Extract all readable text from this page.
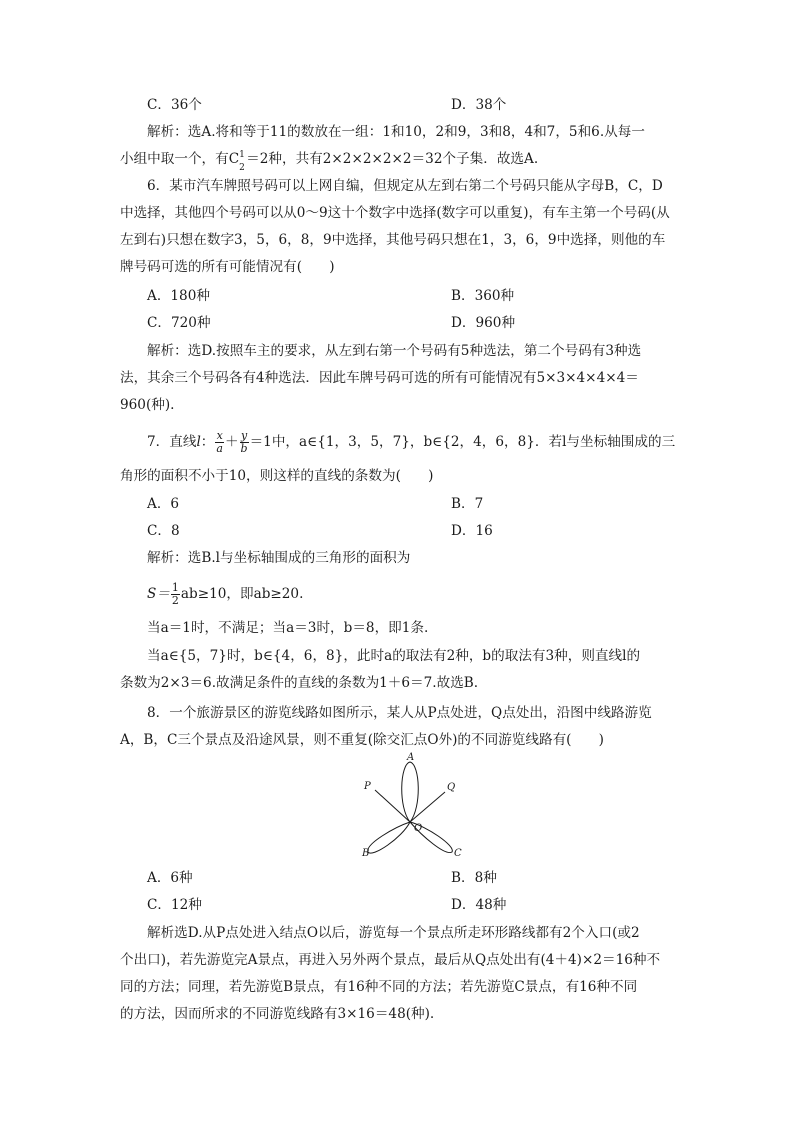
C．36个	D．38个
解析：选A.将和等于11的数放在一组：1和10，2和9，3和8，4和7，5和6.从每一
小组中取一个，有C 1
2
＝2种，共有2×2×2×2×2＝32个子集．故选A.
6．某市汽车牌照号码可以上网自编，但规定从左到右第二个号码只能从字母B，C，D
中选择，其他四个号码可以从0～9这十个数字中选择(数字可以重复)，有车主第一个号码(从
左到右)只想在数字3，5，6，8，9中选择，其他号码只想在1，3，6，9中选择，则他的车
牌号码可选的所有可能情况有(　　)
A．180种	B．360种
C．720种	D．960种
解析：选D.按照车主的要求，从左到右第一个号码有5种选法，第二个号码有3种选
法，其余三个号码各有4种选法．因此车牌号码可选的所有可能情况有5×3×4×4×4＝
960(种).
7．直线l： $\frac{x}{a} + \frac{y}{b} =1$中，a∈{1，3，5，7}，b∈{2，4，6，8}．若l与坐标轴围成的三
角形的面积不小于10，则这样的直线的条数为(　　)
A．6	B．7
C．8	D．16
解析：选B.l与坐标轴围成的三角形的面积为
$S= \frac{1}{2} ab\ge 10$，即ab≥20.
当a＝1时，不满足；当a＝3时，b＝8，即1条.
当a∈{5，7}时，b∈{4，6，8}，此时a的取法有2种，b的取法有3种，则直线l的
条数为2×3＝6.故满足条件的直线的条数为1＋6＝7.故选B.
8．一个旅游景区的游览线路如图所示，某人从P点处进，Q点处出，沿图中线路游览
A，B，C三个景点及沿途风景，则不重复(除交汇点O外)的不同游览线路有(　　)
A
B	C
P	Q
O
A．6种	B．8种
C．12种	D．48种
解析选D.从P点处进入结点O以后，游览每一个景点所走环形路线都有2个入口(或2
个出口)，若先游览完A景点，再进入另外两个景点，最后从Q点处出有(4＋4)×2＝16种不
同的方法；同理，若先游览B景点，有16种不同的方法；若先游览C景点，有16种不同
的方法，因而所求的不同游览线路有3×16＝48(种).
